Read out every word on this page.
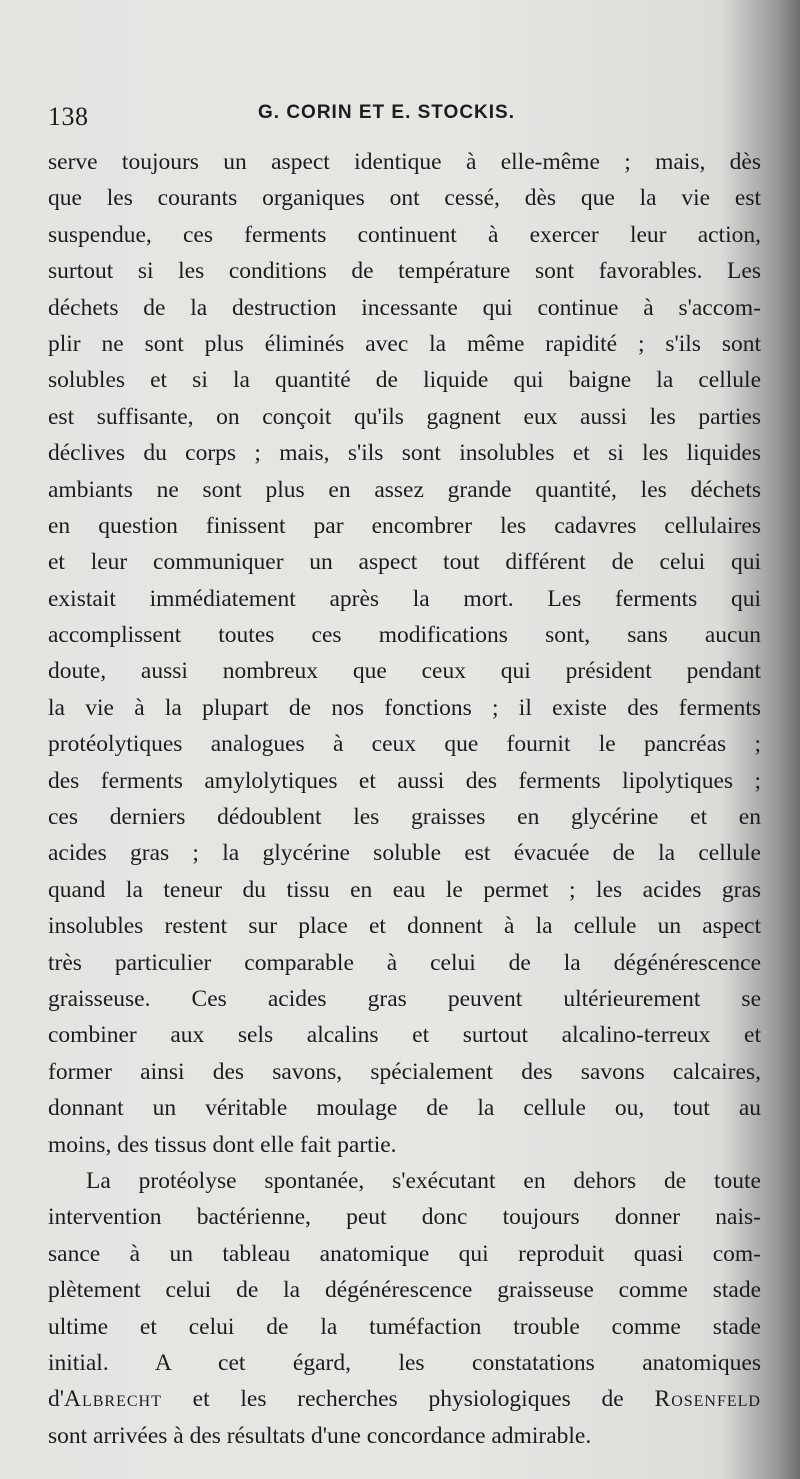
138	G. CORIN ET E. STOCKIS.
serve toujours un aspect identique à elle-même ; mais, dès
que les courants organiques ont cessé, dès que la vie est
suspendue, ces ferments continuent à exercer leur action,
surtout si les conditions de température sont favorables. Les
déchets de la destruction incessante qui continue à s'accom-
plir ne sont plus éliminés avec la même rapidité ; s'ils sont
solubles et si la quantité de liquide qui baigne la cellule
est suffisante, on conçoit qu'ils gagnent eux aussi les parties
déclives du corps ; mais, s'ils sont insolubles et si les liquides
ambiants ne sont plus en assez grande quantité, les déchets
en question finissent par encombrer les cadavres cellulaires
et leur communiquer un aspect tout différent de celui qui
existait immédiatement après la mort. Les ferments qui
accomplissent toutes ces modifications sont, sans aucun
doute, aussi nombreux que ceux qui président pendant
la vie à la plupart de nos fonctions ; il existe des ferments
protéolytiques analogues à ceux que fournit le pancréas ;
des ferments amylolytiques et aussi des ferments lipolytiques ;
ces derniers dédoublent les graisses en glycérine et en
acides gras ; la glycérine soluble est évacuée de la cellule
quand la teneur du tissu en eau le permet ; les acides gras
insolubles restent sur place et donnent à la cellule un aspect
très particulier comparable à celui de la dégénérescence
graisseuse. Ces acides gras peuvent ultérieurement se
combiner aux sels alcalins et surtout alcalino-terreux et
former ainsi des savons, spécialement des savons calcaires,
donnant un véritable moulage de la cellule ou, tout au
moins, des tissus dont elle fait partie.
La protéolyse spontanée, s'exécutant en dehors de toute
intervention bactérienne, peut donc toujours donner nais-
sance à un tableau anatomique qui reproduit quasi com-
plètement celui de la dégénérescence graisseuse comme stade
ultime et celui de la tuméfaction trouble comme stade
initial. A cet égard, les constatations anatomiques
d'Albrecht et les recherches physiologiques de Rosenfeld
sont arrivées à des résultats d'une concordance admirable.
